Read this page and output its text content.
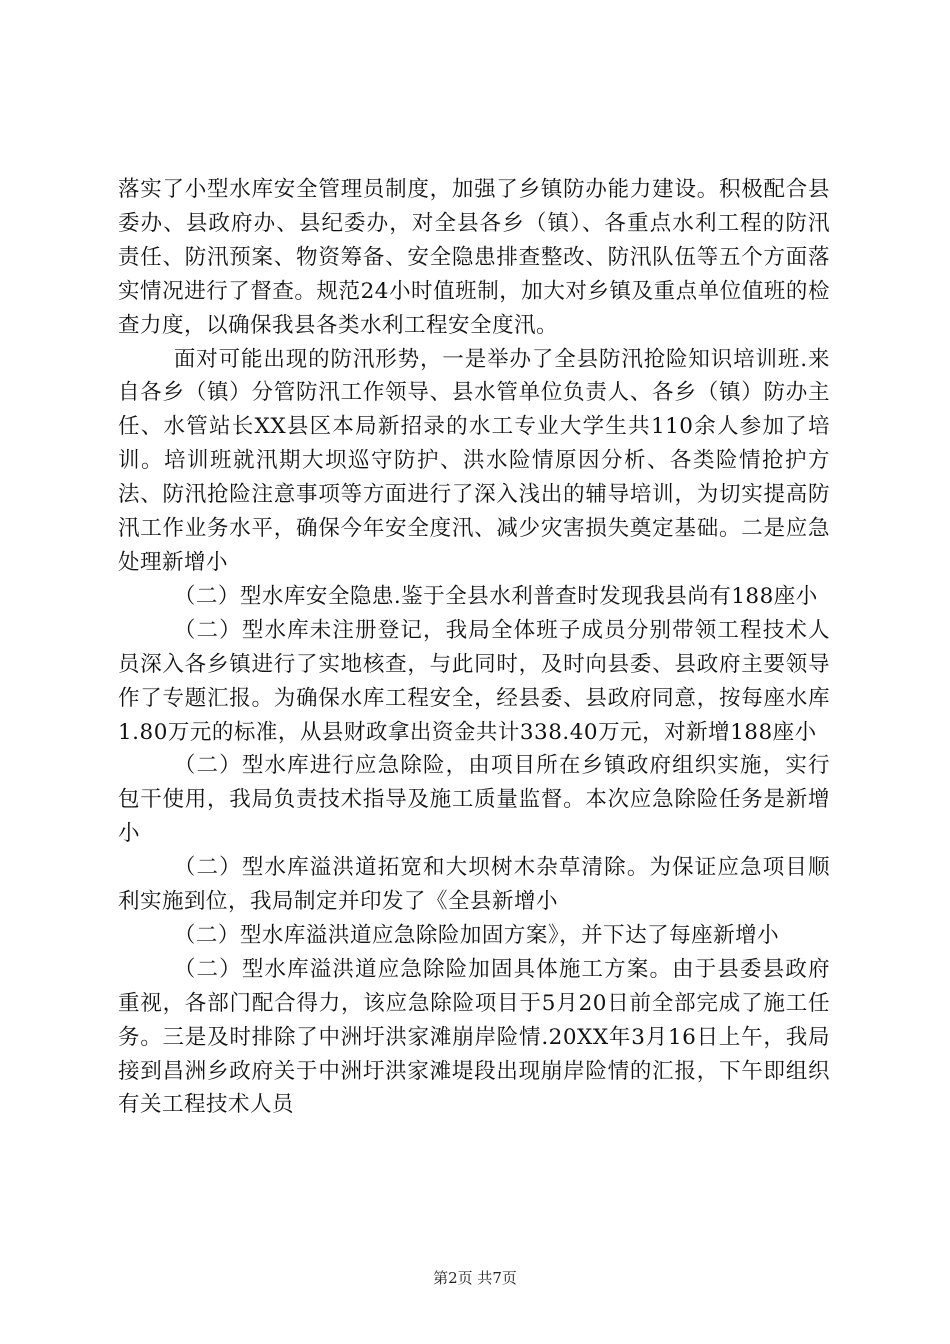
落实了小型水库安全管理员制度，加强了乡镇防办能力建设。积极配合县委办、县政府办、县纪委办，对全县各乡（镇）、各重点水利工程的防汛责任、防汛预案、物资筹备、安全隐患排查整改、防汛队伍等五个方面落实情况进行了督查。规范24小时值班制，加大对乡镇及重点单位值班的检查力度，以确保我县各类水利工程安全度汛。

面对可能出现的防汛形势，一是举办了全县防汛抢险知识培训班.来自各乡（镇）分管防汛工作领导、县水管单位负责人、各乡（镇）防办主任、水管站长XX县区本局新招录的水工专业大学生共110余人参加了培训。培训班就汛期大坝巡守防护、洪水险情原因分析、各类险情抢护方法、防汛抢险注意事项等方面进行了深入浅出的辅导培训，为切实提高防汛工作业务水平，确保今年安全度汛、减少灾害损失奠定基础。二是应急处理新增小

（二）型水库安全隐患.鉴于全县水利普查时发现我县尚有188座小

（二）型水库未注册登记，我局全体班子成员分别带领工程技术人员深入各乡镇进行了实地核查，与此同时，及时向县委、县政府主要领导作了专题汇报。为确保水库工程安全，经县委、县政府同意，按每座水库1.80万元的标准，从县财政拿出资金共计338.40万元，对新增188座小

（二）型水库进行应急除险，由项目所在乡镇政府组织实施，实行包干使用，我局负责技术指导及施工质量监督。本次应急除险任务是新增小

（二）型水库溢洪道拓宽和大坝树木杂草清除。为保证应急项目顺利实施到位，我局制定并印发了《全县新增小

（二）型水库溢洪道应急除险加固方案》，并下达了每座新增小

（二）型水库溢洪道应急除险加固具体施工方案。由于县委县政府重视，各部门配合得力，该应急除险项目于5月20日前全部完成了施工任务。三是及时排除了中洲圩洪家滩崩岸险情.20XX年3月16日上午，我局接到昌洲乡政府关于中洲圩洪家滩堤段出现崩岸险情的汇报，下午即组织有关工程技术人员

第2页 共7页
